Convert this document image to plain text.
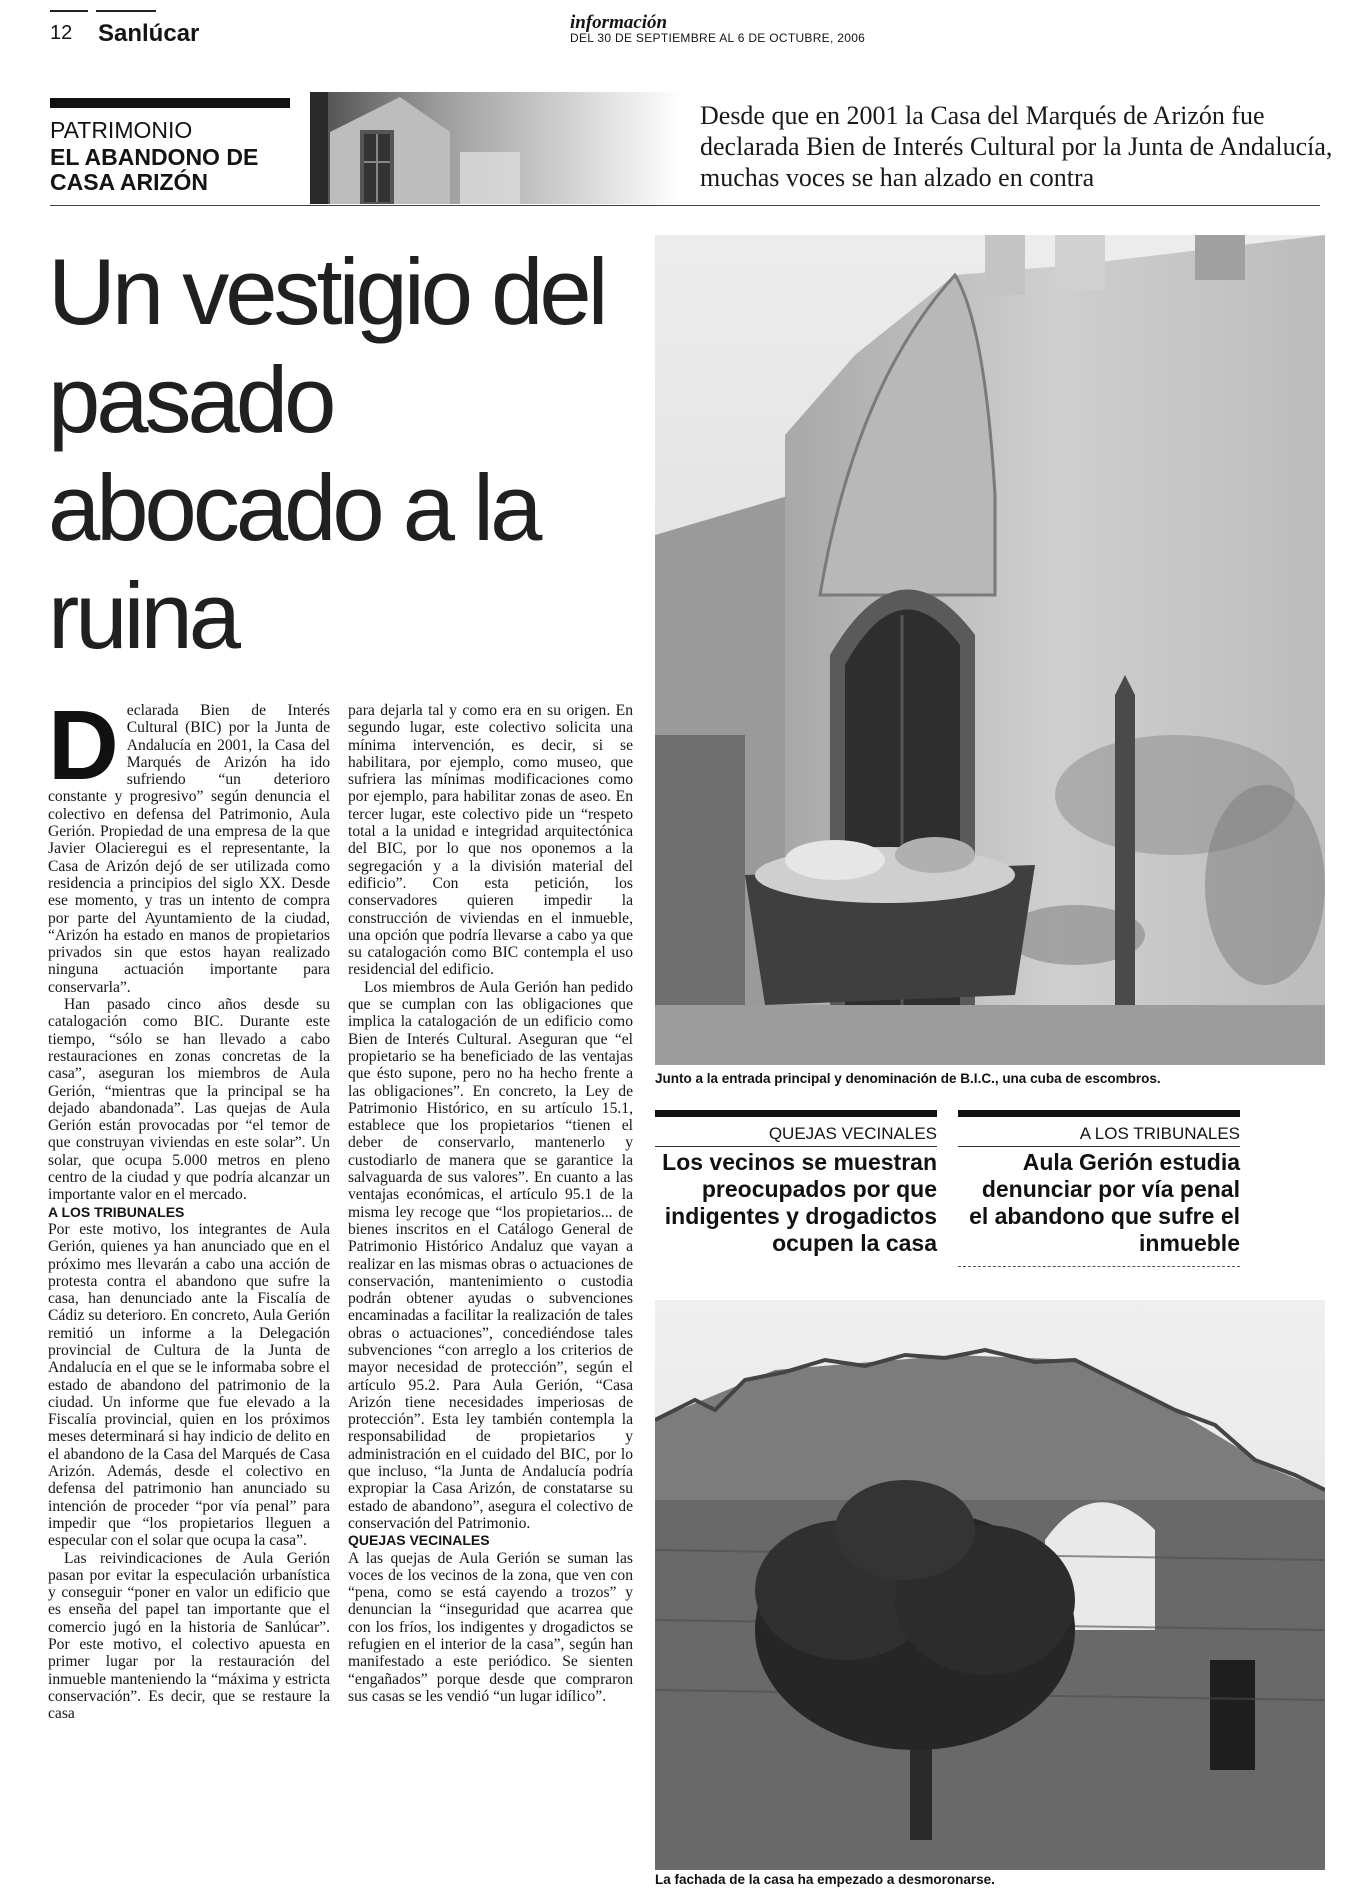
12 Sanlúcar	información
DEL 30 DE SEPTIEMBRE AL 6 DE OCTUBRE, 2006
PATRIMONIO
EL ABANDONO DE
CASA ARIZÓN
Desde que en 2001 la Casa del Marqués de Arizón fue declarada Bien de Interés Cultural por la Junta de Andalucía, muchas voces se han alzado en contra
Un vestigio del
pasado
abocado a la
ruina
D eclarada Bien de Interés Cultural (BIC) por la Junta de Andalucía en 2001, la Casa del Marqués de Arizón ha ido sufriendo “un deterioro constante y progresivo” según denuncia el colectivo en defensa del Patrimonio, Aula Gerión. Propiedad de una empresa de la que Javier Olacieregui es el representante, la Casa de Arizón dejó de ser utilizada como residencia a principios del siglo XX. Desde ese momento, y tras un intento de compra por parte del Ayuntamiento de la ciudad, “Arizón ha estado en manos de propietarios privados sin que estos hayan realizado ninguna actuación importante para conservarla”.

Han pasado cinco años desde su catalogación como BIC. Durante este tiempo, “sólo se han llevado a cabo restauraciones en zonas concretas de la casa”, aseguran los miembros de Aula Gerión, “mientras que la principal se ha dejado abandonada”. Las quejas de Aula Gerión están provocadas por “el temor de que construyan viviendas en este solar”. Un solar, que ocupa 5.000 metros en pleno centro de la ciudad y que podría alcanzar un importante valor en el mercado.

A LOS TRIBUNALES

Por este motivo, los integrantes de Aula Gerión, quienes ya han anunciado que en el próximo mes llevarán a cabo una acción de protesta contra el abandono que sufre la casa, han denunciado ante la Fiscalía de Cádiz su deterioro. En concreto, Aula Gerión remitió un informe a la Delegación provincial de Cultura de la Junta de Andalucía en el que se le informaba sobre el estado de abandono del patrimonio de la ciudad. Un informe que fue elevado a la Fiscalía provincial, quien en los próximos meses determinará si hay indicio de delito en el abandono de la Casa del Marqués de Casa Arizón. Además, desde el colectivo en defensa del patrimonio han anunciado su intención de proceder “por vía penal” para impedir que “los propietarios lleguen a especular con el solar que ocupa la casa”.

Las reivindicaciones de Aula Gerión pasan por evitar la especulación urbanística y conseguir “poner en valor un edificio que es enseña del papel tan importante que el comercio jugó en la historia de Sanlúcar”. Por este motivo, el colectivo apuesta en primer lugar por la restauración del inmueble manteniendo la “máxima y estricta conservación”. Es decir, que se restaure la casa

para dejarla tal y como era en su origen. En segundo lugar, este colectivo solicita una mínima intervención, es decir, si se habilitara, por ejemplo, como museo, que sufriera las mínimas modificaciones como por ejemplo, para habilitar zonas de aseo. En tercer lugar, este colectivo pide un “respeto total a la unidad e integridad arquitectónica del BIC, por lo que nos oponemos a la segregación y a la división material del edificio”. Con esta petición, los conservadores quieren impedir la construcción de viviendas en el inmueble, una opción que podría llevarse a cabo ya que su catalogación como BIC contempla el uso residencial del edificio.

Los miembros de Aula Gerión han pedido que se cumplan con las obligaciones que implica la catalogación de un edificio como Bien de Interés Cultural. Aseguran que “el propietario se ha beneficiado de las ventajas que ésto supone, pero no ha hecho frente a las obligaciones”. En concreto, la Ley de Patrimonio Histórico, en su artículo 15.1, establece que los propietarios “tienen el deber de conservarlo, mantenerlo y custodiarlo de manera que se garantice la salvaguarda de sus valores”. En cuanto a las ventajas económicas, el artículo 95.1 de la misma ley recoge que “los propietarios... de bienes inscritos en el Catálogo General de Patrimonio Histórico Andaluz que vayan a realizar en las mismas obras o actuaciones de conservación, mantenimiento o custodia podrán obtener ayudas o subvenciones encaminadas a facilitar la realización de tales obras o actuaciones”, concediéndose tales subvenciones “con arreglo a los criterios de mayor necesidad de protección”, según el artículo 95.2. Para Aula Gerión, “Casa Arizón tiene necesidades imperiosas de protección”. Esta ley también contempla la responsabilidad de propietarios y administración en el cuidado del BIC, por lo que incluso, “la Junta de Andalucía podría expropiar la Casa Arizón, de constatarse su estado de abandono”, asegura el colectivo de conservación del Patrimonio.

QUEJAS VECINALES

A las quejas de Aula Gerión se suman las voces de los vecinos de la zona, que ven con “pena, como se está cayendo a trozos” y denuncian la “inseguridad que acarrea que con los fríos, los indigentes y drogadictos se refugien en el interior de la casa”, según han manifestado a este periódico. Se sienten “engañados” porque desde que compraron sus casas se les vendió “un lugar idílico”.

Junto a la entrada principal y denominación de B.I.C., una cuba de escombros.
QUEJAS VECINALES
Los vecinos se muestran preocupados por que indigentes y drogadictos ocupen la casa
A LOS TRIBUNALES
Aula Gerión estudia denunciar por vía penal el abandono que sufre el inmueble
La fachada de la casa ha empezado a desmoronarse.
